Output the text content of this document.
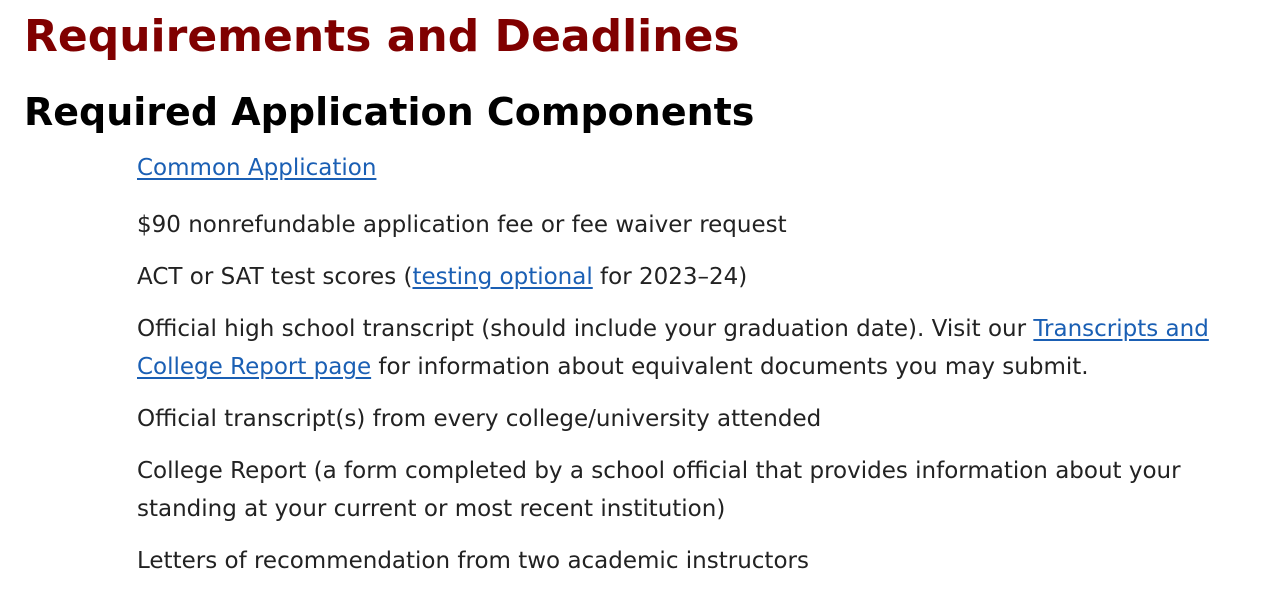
Requirements and Deadlines
Required Application Components
Common Application
$90 nonrefundable application fee or fee waiver request
ACT or SAT test scores (testing optional for 2023–24)
Official high school transcript (should include your graduation date). Visit our Transcripts and College Report page for information about equivalent documents you may submit.
Official transcript(s) from every college/university attended
College Report (a form completed by a school official that provides information about your standing at your current or most recent institution)
Letters of recommendation from two academic instructors
